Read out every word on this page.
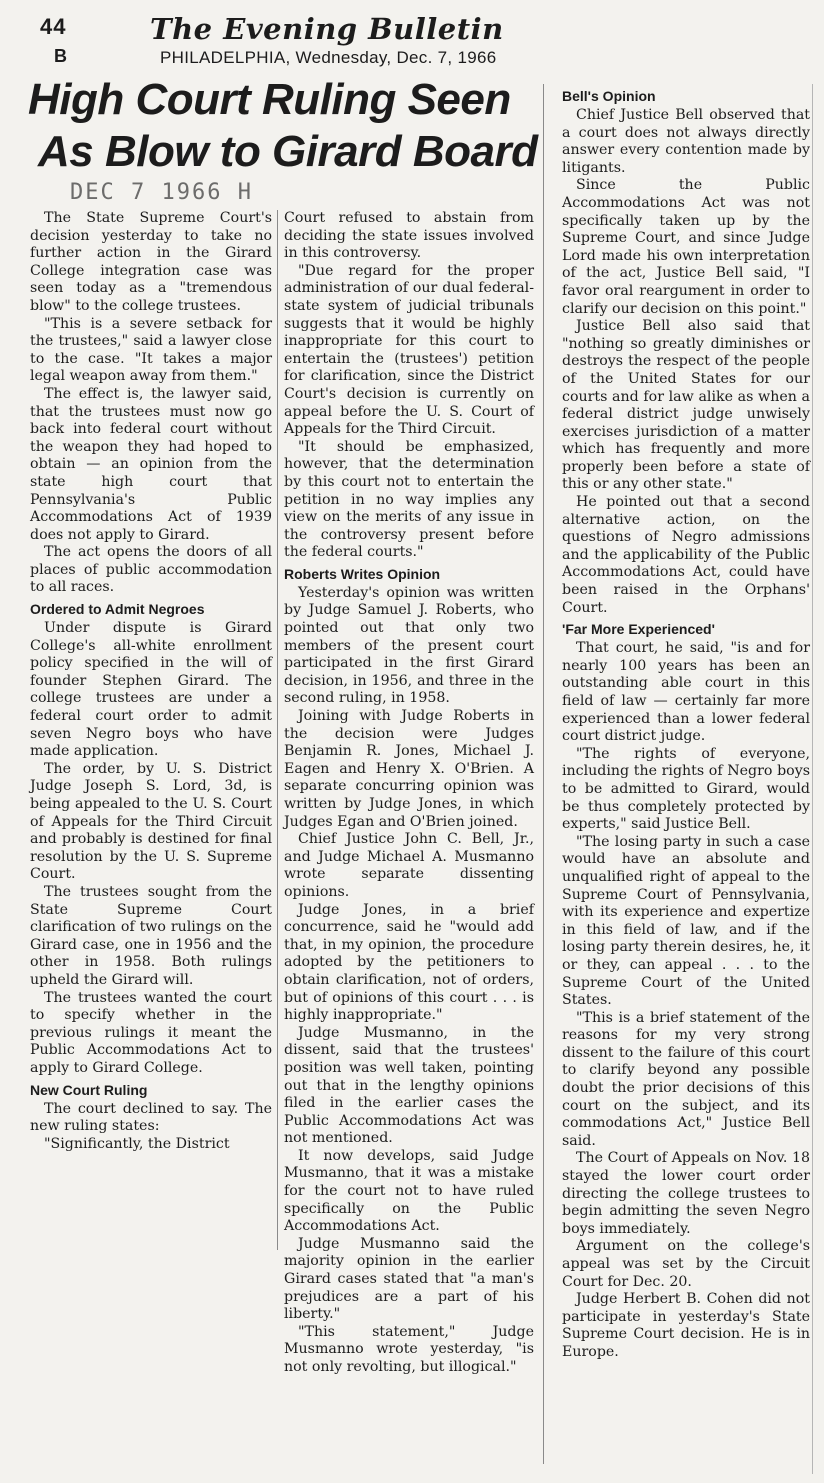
44
B
The Evening Bulletin
PHILADELPHIA, Wednesday, Dec. 7, 1966
High Court Ruling Seen
As Blow to Girard Board
DEC 7 1966 H

The State Supreme Court's decision yesterday to take no further action in the Girard College integration case was seen today as a "tremendous blow" to the college trustees.

"This is a severe setback for the trustees," said a lawyer close to the case. "It takes a major legal weapon away from them."

The effect is, the lawyer said, that the trustees must now go back into federal court without the weapon they had hoped to obtain — an opinion from the state high court that Pennsylvania's Public Accommodations Act of 1939 does not apply to Girard.

The act opens the doors of all places of public accommodation to all races.

Ordered to Admit Negroes

Under dispute is Girard College's all-white enrollment policy specified in the will of founder Stephen Girard. The college trustees are under a federal court order to admit seven Negro boys who have made application.

The order, by U. S. District Judge Joseph S. Lord, 3d, is being appealed to the U. S. Court of Appeals for the Third Circuit and probably is destined for final resolution by the U. S. Supreme Court.

The trustees sought from the State Supreme Court clarification of two rulings on the Girard case, one in 1956 and the other in 1958. Both rulings upheld the Girard will.

The trustees wanted the court to specify whether in the previous rulings it meant the Public Accommodations Act to apply to Girard College.

New Court Ruling

The court declined to say. The new ruling states:

"Significantly, the District

Court refused to abstain from deciding the state issues involved in this controversy.

"Due regard for the proper administration of our dual federal-state system of judicial tribunals suggests that it would be highly inappropriate for this court to entertain the (trustees') petition for clarification, since the District Court's decision is currently on appeal before the U. S. Court of Appeals for the Third Circuit.

"It should be emphasized, however, that the determination by this court not to entertain the petition in no way implies any view on the merits of any issue in the controversy present before the federal courts."

Roberts Writes Opinion

Yesterday's opinion was written by Judge Samuel J. Roberts, who pointed out that only two members of the present court participated in the first Girard decision, in 1956, and three in the second ruling, in 1958.

Joining with Judge Roberts in the decision were Judges Benjamin R. Jones, Michael J. Eagen and Henry X. O'Brien. A separate concurring opinion was written by Judge Jones, in which Judges Egan and O'Brien joined.

Chief Justice John C. Bell, Jr., and Judge Michael A. Musmanno wrote separate dissenting opinions.

Judge Jones, in a brief concurrence, said he "would add that, in my opinion, the procedure adopted by the petitioners to obtain clarification, not of orders, but of opinions of this court . . . is highly inappropriate."

Judge Musmanno, in the dissent, said that the trustees' position was well taken, pointing out that in the lengthy opinions filed in the earlier cases the Public Accommodations Act was not mentioned.

It now develops, said Judge Musmanno, that it was a mistake for the court not to have ruled specifically on the Public Accommodations Act.

Judge Musmanno said the majority opinion in the earlier Girard cases stated that "a man's prejudices are a part of his liberty."

"This statement," Judge Musmanno wrote yesterday, "is not only revolting, but illogical."

Bell's Opinion

Chief Justice Bell observed that a court does not always directly answer every contention made by litigants.

Since the Public Accommodations Act was not specifically taken up by the Supreme Court, and since Judge Lord made his own interpretation of the act, Justice Bell said, "I favor oral reargument in order to clarify our decision on this point."

Justice Bell also said that "nothing so greatly diminishes or destroys the respect of the people of the United States for our courts and for law alike as when a federal district judge unwisely exercises jurisdiction of a matter which has frequently and more properly been before a state of this or any other state."

He pointed out that a second alternative action, on the questions of Negro admissions and the applicability of the Public Accommodations Act, could have been raised in the Orphans' Court.

'Far More Experienced'

That court, he said, "is and for nearly 100 years has been an outstanding able court in this field of law — certainly far more experienced than a lower federal court district judge.

"The rights of everyone, including the rights of Negro boys to be admitted to Girard, would be thus completely protected by experts," said Justice Bell.

"The losing party in such a case would have an absolute and unqualified right of appeal to the Supreme Court of Pennsylvania, with its experience and expertize in this field of law, and if the losing party therein desires, he, it or they, can appeal . . . to the Supreme Court of the United States.

"This is a brief statement of the reasons for my very strong dissent to the failure of this court to clarify beyond any possible doubt the prior decisions of this court on the subject, and its commodations Act," Justice Bell said.

The Court of Appeals on Nov. 18 stayed the lower court order directing the college trustees to begin admitting the seven Negro boys immediately.

Argument on the college's appeal was set by the Circuit Court for Dec. 20.

Judge Herbert B. Cohen did not participate in yesterday's State Supreme Court decision. He is in Europe.
